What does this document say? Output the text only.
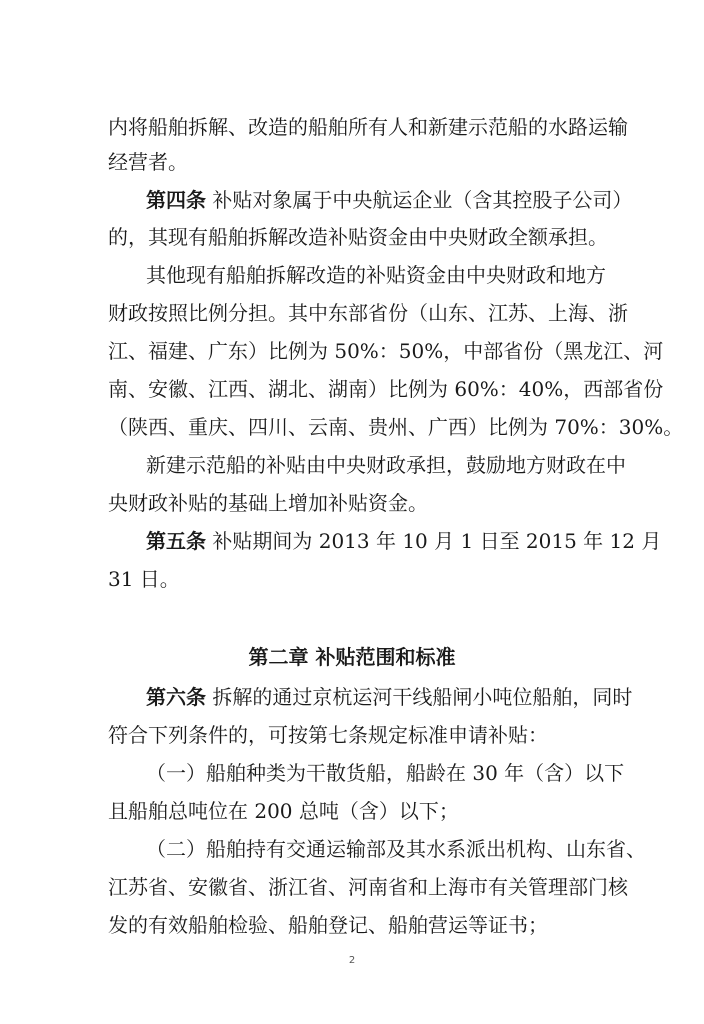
内将船舶拆解、改造的船舶所有人和新建示范船的水路运输
经营者。
第四条 补贴对象属于中央航运企业（含其控股子公司）
的，其现有船舶拆解改造补贴资金由中央财政全额承担。
其他现有船舶拆解改造的补贴资金由中央财政和地方
财政按照比例分担。其中东部省份（山东、江苏、上海、浙
江、福建、广东）比例为 50%：50%，中部省份（黑龙江、河
南、安徽、江西、湖北、湖南）比例为 60%：40%，西部省份
（陕西、重庆、四川、云南、贵州、广西）比例为 70%：30%。
新建示范船的补贴由中央财政承担，鼓励地方财政在中
央财政补贴的基础上增加补贴资金。
第五条 补贴期间为 2013 年 10 月 1 日至 2015 年 12 月
31 日。
第二章 补贴范围和标准
第六条 拆解的通过京杭运河干线船闸小吨位船舶，同时
符合下列条件的，可按第七条规定标准申请补贴：
（一）船舶种类为干散货船，船龄在 30 年（含）以下
且船舶总吨位在 200 总吨（含）以下；
（二）船舶持有交通运输部及其水系派出机构、山东省、
江苏省、安徽省、浙江省、河南省和上海市有关管理部门核
发的有效船舶检验、船舶登记、船舶营运等证书；
2
